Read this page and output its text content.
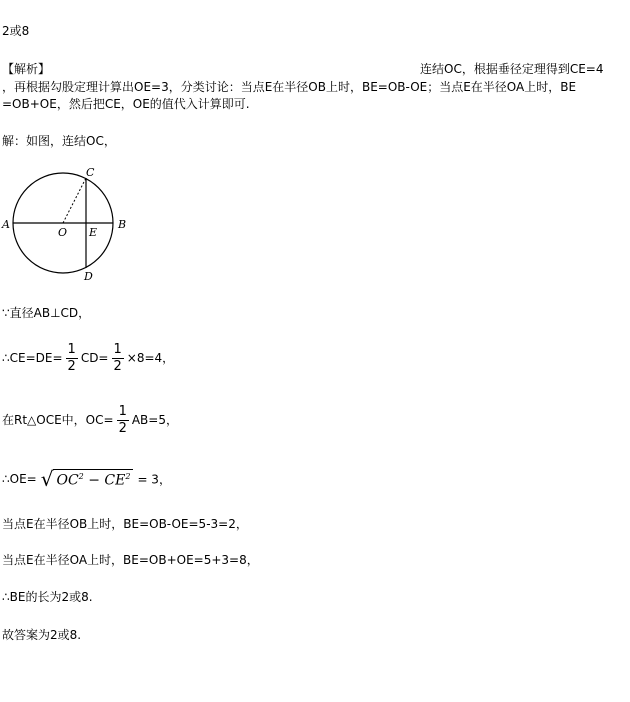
2或8
【解析】	连结OC，根据垂径定理得到CE=4
，再根据勾股定理计算出OE=3，分类讨论：当点E在半径OB上时，BE=OB-OE；当点E在半径OA上时，BE
=OB+OE，然后把CE，OE的值代入计算即可.
解：如图，连结OC，
A	B
C
D
O E
∵直径AB⊥CD，
∴CE=DE= $\frac{1}{2} CD= \frac{1}{2} \times 8=4$，
在Rt△OCE中，$OC= \frac{1}{2} AB=5$，
∴OE= √ $OC^2 - CE^2 = 3$，
当点E在半径OB上时，BE=OB-OE=5-3=2，
当点E在半径OA上时，BE=OB+OE=5+3=8，
∴BE的长为2或8.
故答案为2或8.
